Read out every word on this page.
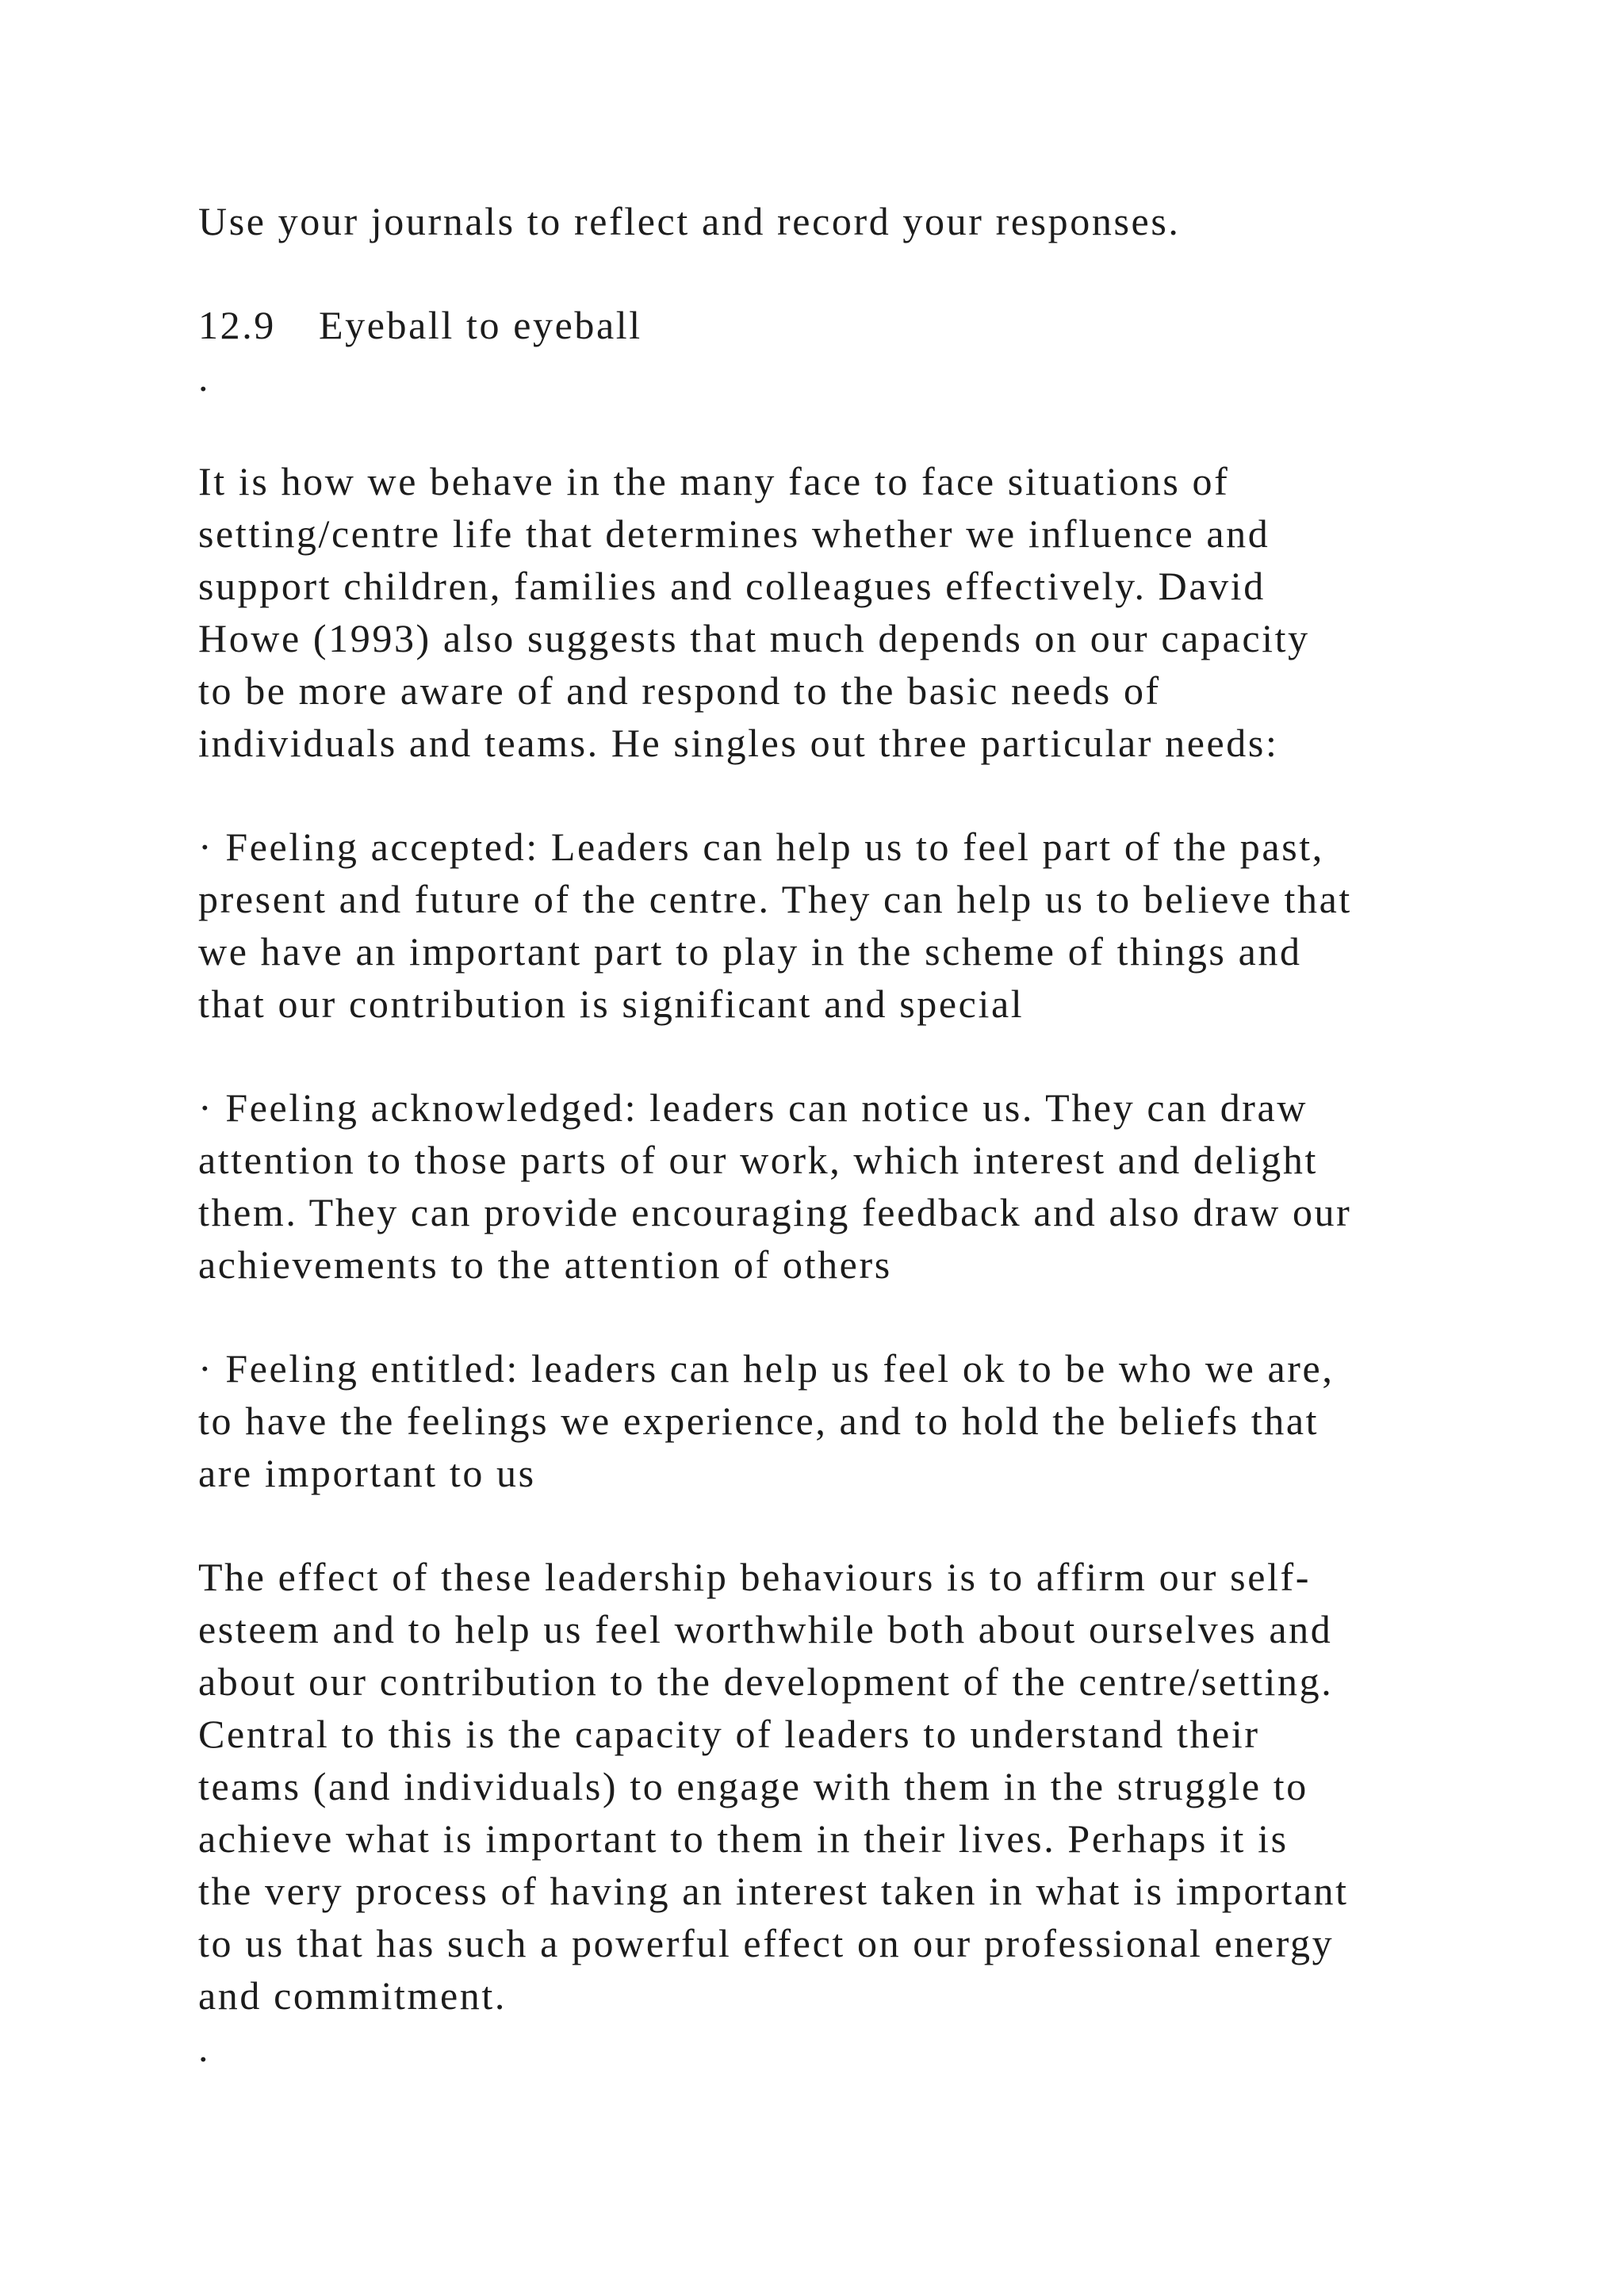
Use your journals to reflect and record your responses.
12.9 Eyeball to eyeball
.
It is how we behave in the many face to face situations of
setting/centre life that determines whether we influence and
support children, families and colleagues effectively. David
Howe (1993) also suggests that much depends on our capacity
to be more aware of and respond to the basic needs of
individuals and teams. He singles out three particular needs:
· Feeling accepted: Leaders can help us to feel part of the past,
present and future of the centre. They can help us to believe that
we have an important part to play in the scheme of things and
that our contribution is significant and special
· Feeling acknowledged: leaders can notice us. They can draw
attention to those parts of our work, which interest and delight
them. They can provide encouraging feedback and also draw our
achievements to the attention of others
· Feeling entitled: leaders can help us feel ok to be who we are,
to have the feelings we experience, and to hold the beliefs that
are important to us
The effect of these leadership behaviours is to affirm our self-
esteem and to help us feel worthwhile both about ourselves and
about our contribution to the development of the centre/setting.
Central to this is the capacity of leaders to understand their
teams (and individuals) to engage with them in the struggle to
achieve what is important to them in their lives. Perhaps it is
the very process of having an interest taken in what is important
to us that has such a powerful effect on our professional energy
and commitment.
.
